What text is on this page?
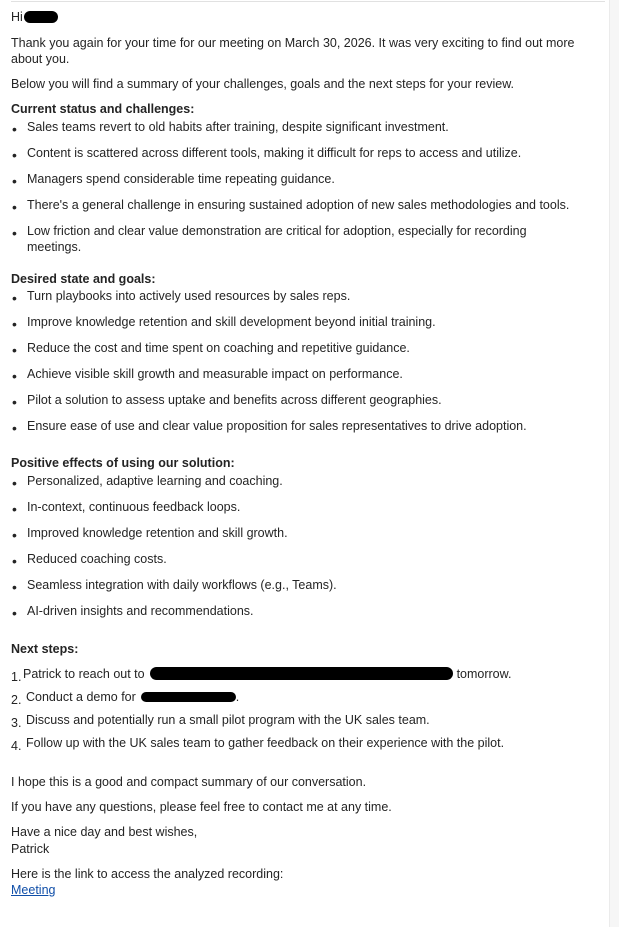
Hi

Thank you again for your time for our meeting on March 30, 2026. It was very exciting to find out more about you.

Below you will find a summary of your challenges, goals and the next steps for your review.

Current status and challenges:
• Sales teams revert to old habits after training, despite significant investment.
• Content is scattered across different tools, making it difficult for reps to access and utilize.
• Managers spend considerable time repeating guidance.
• There's a general challenge in ensuring sustained adoption of new sales methodologies and tools.
• Low friction and clear value demonstration are critical for adoption, especially for recording meetings.
Desired state and goals:
• Turn playbooks into actively used resources by sales reps.
• Improve knowledge retention and skill development beyond initial training.
• Reduce the cost and time spent on coaching and repetitive guidance.
• Achieve visible skill growth and measurable impact on performance.
• Pilot a solution to assess uptake and benefits across different geographies.
• Ensure ease of use and clear value proposition for sales representatives to drive adoption.
Positive effects of using our solution:
• Personalized, adaptive learning and coaching.
• In-context, continuous feedback loops.
• Improved knowledge retention and skill growth.
• Reduced coaching costs.
• Seamless integration with daily workflows (e.g., Teams).
• AI-driven insights and recommendations.
Next steps:
1. Patrick to reach out to	tomorrow.
2. Conduct a demo for	.
3. Discuss and potentially run a small pilot program with the UK sales team.
4. Follow up with the UK sales team to gather feedback on their experience with the pilot.

I hope this is a good and compact summary of our conversation.

If you have any questions, please feel free to contact me at any time.

Have a nice day and best wishes,

Patrick

Here is the link to access the analyzed recording:

Meeting
